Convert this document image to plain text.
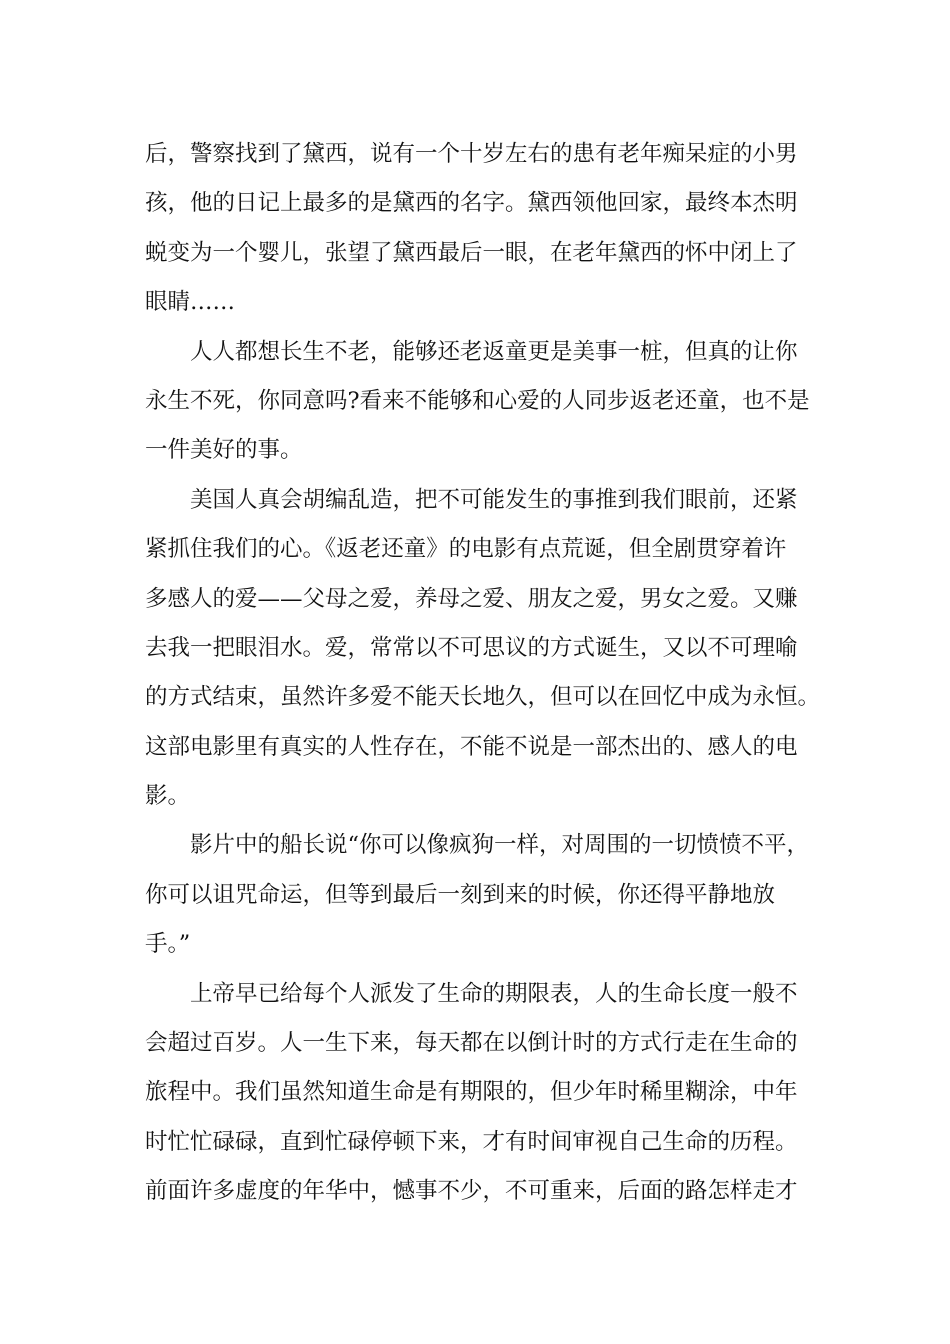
后，警察找到了黛西，说有一个十岁左右的患有老年痴呆症的小男
孩，他的日记上最多的是黛西的名字。黛西领他回家，最终本杰明
蜕变为一个婴儿，张望了黛西最后一眼，在老年黛西的怀中闭上了
眼睛……
人人都想长生不老，能够还老返童更是美事一桩，但真的让你
永生不死，你同意吗?看来不能够和心爱的人同步返老还童，也不是
一件美好的事。
美国人真会胡编乱造，把不可能发生的事推到我们眼前，还紧
紧抓住我们的心。《返老还童》的电影有点荒诞，但全剧贯穿着许
多感人的爱——父母之爱，养母之爱、朋友之爱，男女之爱。又赚
去我一把眼泪水。爱，常常以不可思议的方式诞生，又以不可理喻
的方式结束，虽然许多爱不能天长地久，但可以在回忆中成为永恒。
这部电影里有真实的人性存在，不能不说是一部杰出的、感人的电
影。
影片中的船长说“你可以像疯狗一样，对周围的一切愤愤不平，
你可以诅咒命运，但等到最后一刻到来的时候，你还得平静地放
手。”
上帝早已给每个人派发了生命的期限表，人的生命长度一般不
会超过百岁。人一生下来，每天都在以倒计时的方式行走在生命的
旅程中。我们虽然知道生命是有期限的，但少年时稀里糊涂，中年
时忙忙碌碌，直到忙碌停顿下来，才有时间审视自己生命的历程。
前面许多虚度的年华中，憾事不少，不可重来，后面的路怎样走才
